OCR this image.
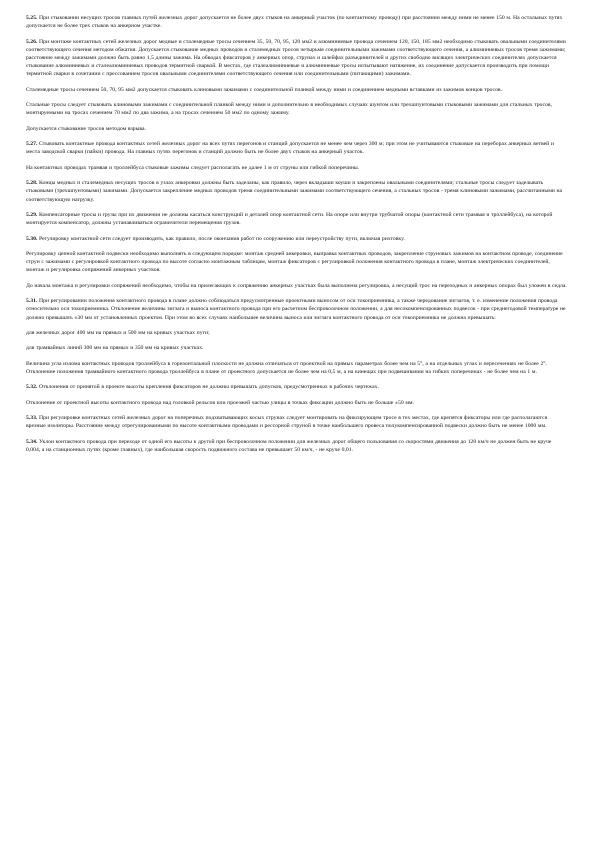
5.25. При стыковании несущих тросов главных путей железных дорог допускается не более двух стыков на анкерный участок (по контактному проводу) при расстоянии между ними не менее 150 м. На остальных путях допускается не более трех стыков на анкерном участке.

5.26. При монтаже контактных сетей железных дорог медные и сталемедные тросы сечением 35, 50, 70, 95, 120 мм2 и алюминиевые провода сечением 120, 150, 185 мм2 необходимо стыковать овальными соединителями соответствующего сечения методом обжатия. Допускается стыкование медных проводов и сталемедных тросов четырьмя соединительными зажимами соответствующего сечения, а алюминиевых тросов тремя зажимами; расстояние между зажимами должно быть равно 1,5 длины зажима. На обводах фиксаторов у анкерных опор, струнах и шлейфах разъединителей и других свободно висящих электрических соединителях допускается стыкование алюминиевых и сталеалюминиевых проводов термитной сваркой. В местах, где сталеалюминиевые и алюминиевые тросы испытывают натяжение, их соединение допускается производить при помощи термитной сварки в сочетании с прессованием тросов овальными соединителями соответствующего сечения или соединительными (питающими) зажимами.

Сталемедные тросы сечением 50, 70, 95 мм2 допускается стыковать клиновыми зажимами с соединительной планкой между ними и соединением медными вставками из зажимов концов тросов.

Стальные тросы следует стыковать клиновыми зажимами с соединительной планкой между ними и дополнительно в необходимых случаях шунтом или трехшпунтовыми стыковыми зажимами для стальных тросов, монтируемыми на тросах сечением 70 мм2 по два зажима, а на тросах сечением 50 мм2 по одному зажиму.

Допускается стыкование тросов методом взрыва.

5.27. Стыковать контактные провода контактных сетей железных дорог на всех путях перегонов и станций допускается не менее чем через 300 м; при этом не учитываются стыковые на переборах анкерных ветвей и места заводской сварки (пайки) провода. На главных путях перегонов и станций должно быть не более двух стыков на анкерный участок.

На контактных проводах трамвая и троллейбуса стыковые зажимы следует располагать не далее 1 м от струны или гибкой поперечины.

5.28. Концы медных и сталемедных несущих тросов в узлах анкеровки должны быть заделаны, как правило, через вкладыши коуши и закреплены овальными соединителями; стальные тросы следует заделывать стыковыми (трехшпунтовыми) зажимами. Допускается закрепление медных проводов тремя соединительными зажимами соответствующего сечения, а стальных тросов - тремя клиновыми зажимами, рассчитанными на соответствующую нагрузку.

5.29. Компенсаторные тросы и грузы при их движении не должны касаться конструкций и деталей опор контактной сети. На опоре или внутри трубчатой опоры (контактной сети трамвая и троллейбуса), на которой монтируется компенсатор, должны устанавливаться ограничители перемещения грузов.

5.30. Регулировку контактной сети следует производить, как правило, после окончания работ по сооружению или переустройству пути, включая рихтовку.

Регулировку цепной контактной подвески необходимо выполнять в следующем порядке: монтаж средней анкеровки, выправка контактных проводов, закрепление струновых зажимов на контактном проводе, соединение струн с зажимами с регулировкой контактного провода по высоте согласно монтажным таблицам, монтаж фиксаторов с регулировкой положения контактного провода в плане, монтаж электрических соединителей, монтаж и регулировка сопряжений анкерных участков.

До начала монтажа и регулировки сопряжений необходимо, чтобы на прилегающих к сопряжению анкерных участках была выполнена регулировка, а несущий трос на переходных и анкерных опорах был уложен в седла.

5.31. При регулировании положения контактного провода в плане должно соблюдаться предусмотренные проектными выносом от оси токоприемника, а также чередование зигзагов, т. е. изменение положения провода относительно оси токоприемника. Отклонение величины зигзага и выноса контактного провода при его расчетном беспроволочном положении, а для несокомпенсированных подвесок - при среднегодовой температуре не должно превышать ±30 мм от установленных проектом. При этом во всех случаях наибольшее величина выноса или зигзага контактного провода от оси токоприемника не должна превышать:

для железных дорог 400 мм на прямых и 500 мм на кривых участках пути;

для трамвайных линий 300 мм на прямых и 350 мм на кривых участках.

Величина угла излома контактных проводов троллейбуса в горизонтальной плоскости не должна отличаться от проектной на прямых параметрах более чем на 5°, а на отдельных углах и пересечениях не более 2°. Отклонение положения трамвайного контактного провода троллейбуса в плане от проектного допускается не более чем на 0,5 м, а на кинещах при подвешивании на гибких поперечинах - не более чем на 1 м.

5.32. Отклонения от принятой в проекте высоты крепления фиксаторов не должны превышать допусков, предусмотренных в рабочих чертежах.

Отклонение от проектной высоты контактного провода над головкой рельсов или проезжей частью улицы в точках фиксации должно быть не больше ±50 мм.

5.33. При регулировке контактных сетей железных дорог на поперечных подхватывающих косых струнах следует монтировать на фиксирующем тросе в тех местах, где крепятся фиксаторы или где располагаются врезные изоляторы. Расстояние между отрегулированными по высоте контактными проводами и рессорной струной в точке наибольшего провеса полукомпенсированной подвески должно быть не менее 1000 мм.

5.34. Уклон контактного провода при переходе от одной его высоты к другой при беспроволочном положении для железных дорог общего пользования со скоростями движения до 120 км/ч не должен быть не круче 0,004, а на станционных путях (кроме главных), где наибольшая скорость подвижного состава не превышает 50 км/ч, - не круче 0,01.
